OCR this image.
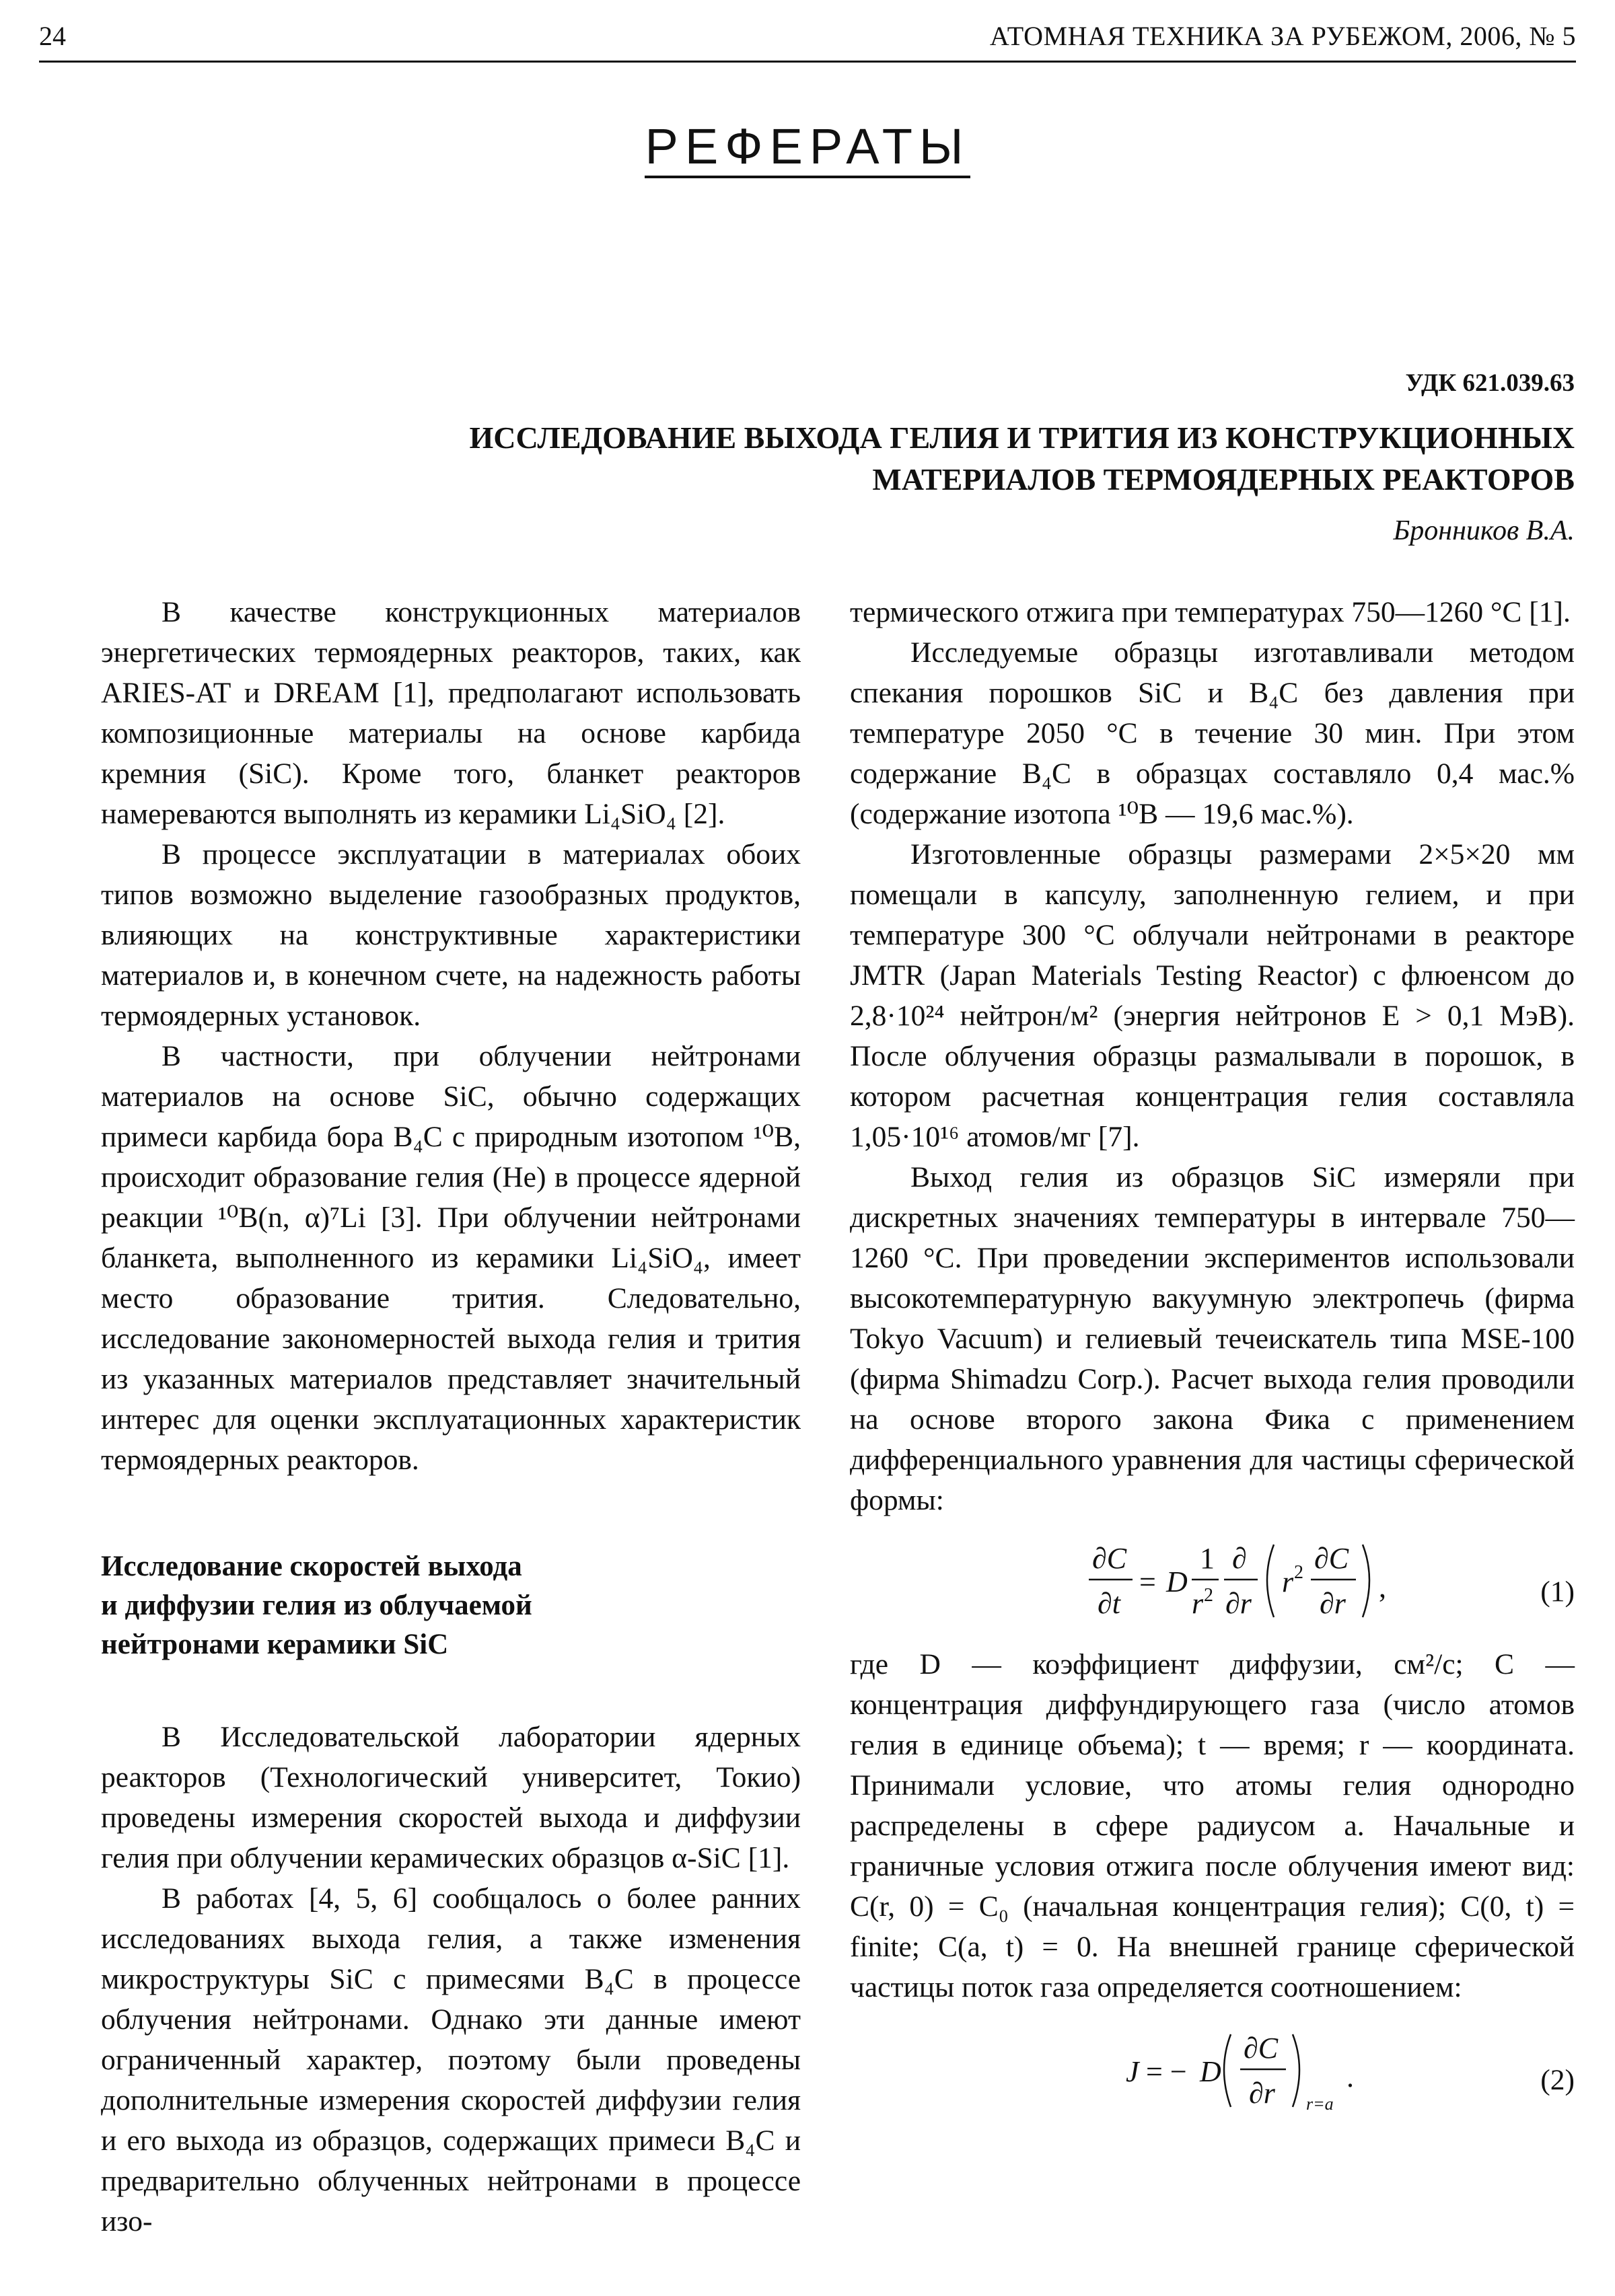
24	АТОМНАЯ ТЕХНИКА ЗА РУБЕЖОМ, 2006, № 5
РЕФЕРАТЫ
УДК 621.039.63
ИССЛЕДОВАНИЕ ВЫХОДА ГЕЛИЯ И ТРИТИЯ ИЗ КОНСТРУКЦИОННЫХ
МАТЕРИАЛОВ ТЕРМОЯДЕРНЫХ РЕАКТОРОВ
Бронников В.А.

В качестве конструкционных материалов энергетических термоядерных реакторов, таких, как ARIES-AT и DREAM [1], предполагают использовать композиционные материалы на основе карбида кремния (SiC). Кроме того, бланкет реакторов намереваются выполнять из керамики Li₄SiO₄ [2].

В процессе эксплуатации в материалах обоих типов возможно выделение газообразных продуктов, влияющих на конструктивные характеристики материалов и, в конечном счете, на надежность работы термоядерных установок.

В частности, при облучении нейтронами материалов на основе SiC, обычно содержащих примеси карбида бора B₄C с природным изотопом ¹⁰B, происходит образование гелия (He) в процессе ядерной реакции ¹⁰B(n, α)⁷Li [3]. При облучении нейтронами бланкета, выполненного из керамики Li₄SiO₄, имеет место образование трития. Следовательно, исследование закономерностей выхода гелия и трития из указанных материалов представляет значительный интерес для оценки эксплуатационных характеристик термоядерных реакторов.

Исследование скоростей выхода
и диффузии гелия из облучаемой
нейтронами керамики SiC

В Исследовательской лаборатории ядерных реакторов (Технологический университет, Токио) проведены измерения скоростей выхода и диффузии гелия при облучении керамических образцов α-SiC [1].

В работах [4, 5, 6] сообщалось о более ранних исследованиях выхода гелия, а также изменения микроструктуры SiC с примесями B₄C в процессе облучения нейтронами. Однако эти данные имеют ограниченный характер, поэтому были проведены дополнительные измерения скоростей диффузии гелия и его выхода из образцов, содержащих примеси B₄C и предварительно облученных нейтронами в процессе изо-

термического отжига при температурах 750—1260 °C [1].

Исследуемые образцы изготавливали методом спекания порошков SiC и B₄C без давления при температуре 2050 °C в течение 30 мин. При этом содержание B₄C в образцах составляло 0,4 мас.% (содержание изотопа ¹⁰B — 19,6 мас.%).

Изготовленные образцы размерами 2×5×20 мм помещали в капсулу, заполненную гелием, и при температуре 300 °C облучали нейтронами в реакторе JMTR (Japan Materials Testing Reactor) с флюенсом до 2,8·10²⁴ нейтрон/м² (энергия нейтронов E > 0,1 МэВ). После облучения образцы размалывали в порошок, в котором расчетная концентрация гелия составляла 1,05·10¹⁶ атомов/мг [7].

Выход гелия из образцов SiC измеряли при дискретных значениях температуры в интервале 750—1260 °C. При проведении экспериментов использовали высокотемпературную вакуумную электропечь (фирма Tokyo Vacuum) и гелиевый течеискатель типа MSE-100 (фирма Shimadzu Corp.). Расчет выхода гелия проводили на основе второго закона Фика с применением дифференциального уравнения для частицы сферической формы:

∂C
∂t
= D
1
r 2
∂
∂r
r 2 ∂C
∂r ,	(1)

где D — коэффициент диффузии, см²/с; C — концентрация диффундирующего газа (число атомов гелия в единице объема); t — время; r — координата. Принимали условие, что атомы гелия однородно распределены в сфере радиусом a. Начальные и граничные условия отжига после облучения имеют вид: C(r, 0) = C₀ (начальная концентрация гелия); C(0, t) = finite; C(a, t) = 0. На внешней границе сферической частицы поток газа определяется соотношением:

J = − D
∂C
∂r r=a
.	(2)
